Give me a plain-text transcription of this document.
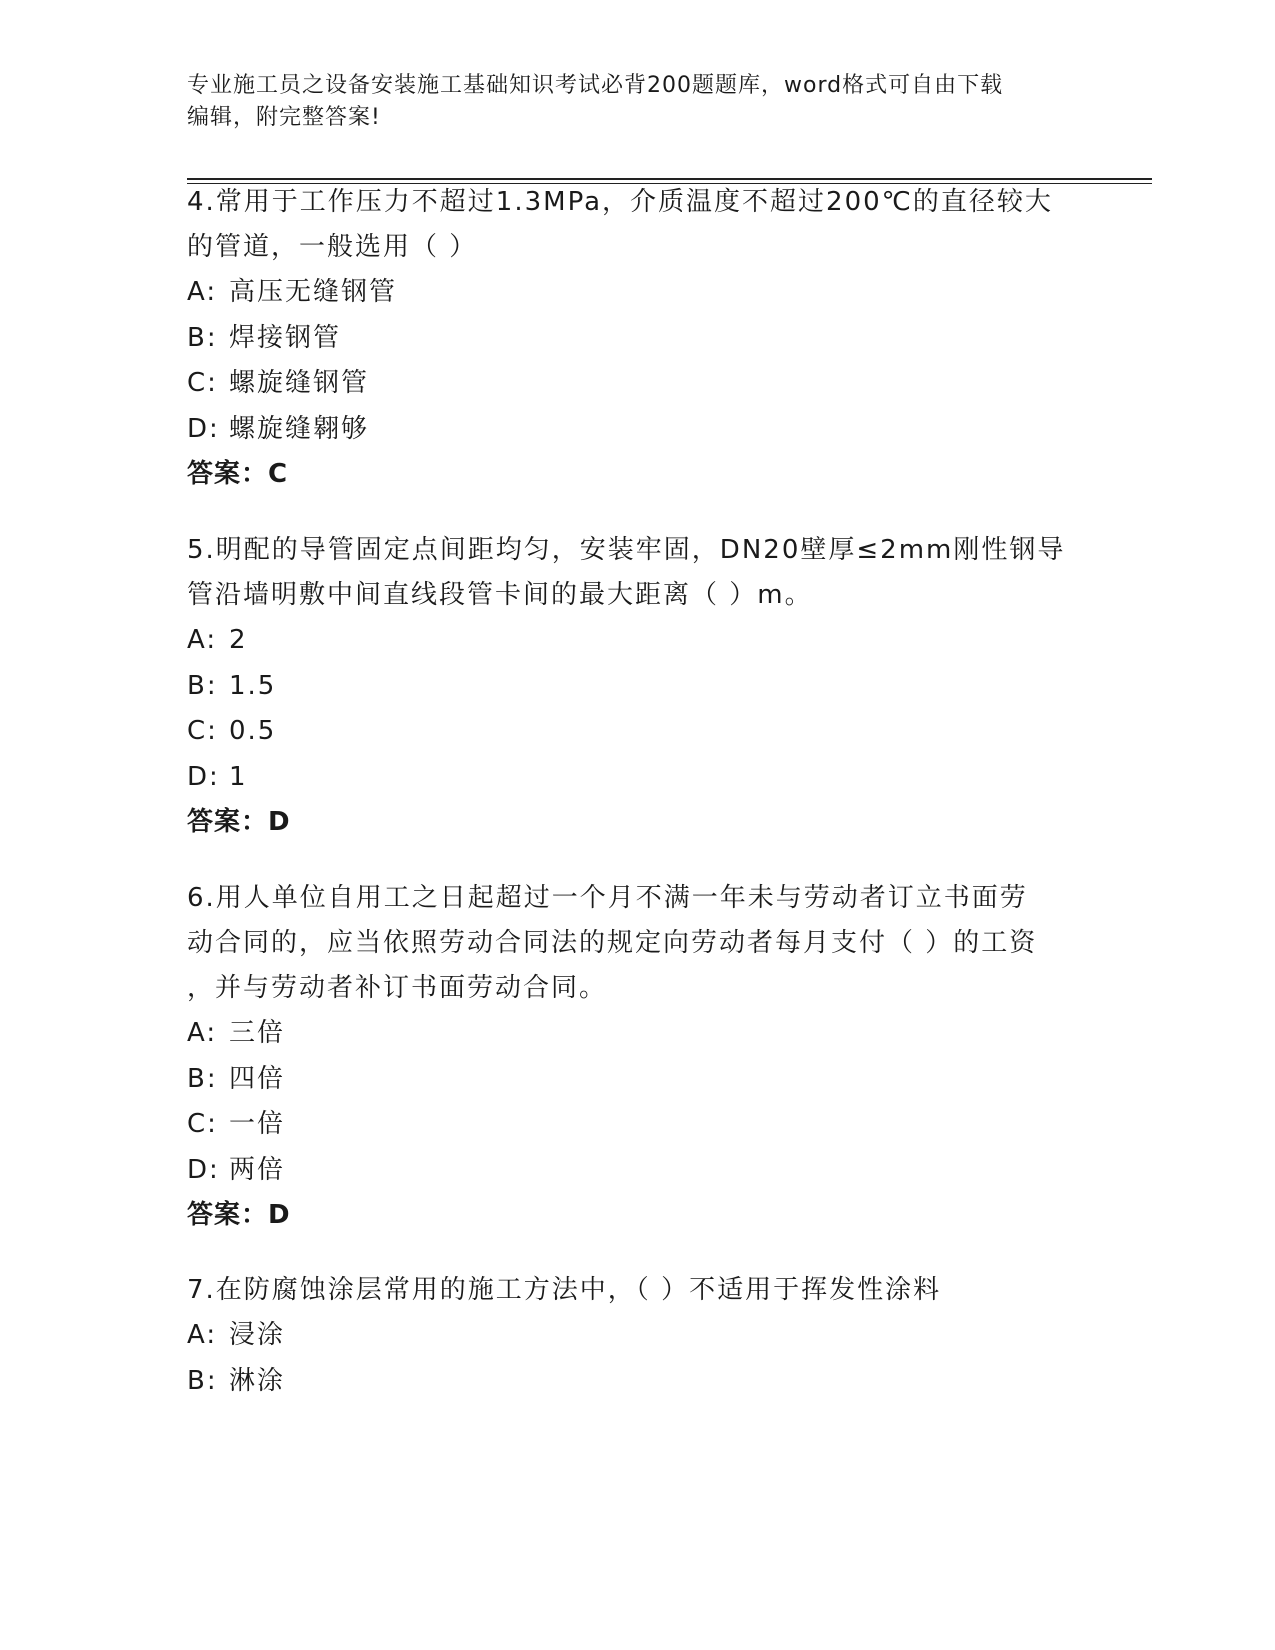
专业施工员之设备安装施工基础知识考试必背200题题库，word格式可自由下载
编辑，附完整答案!

4.常用于工作压力不超过1.3MPa，介质温度不超过200℃的直径较大

的管道，一般选用（ ）

A: 高压无缝钢管

B: 焊接钢管

C: 螺旋缝钢管

D: 螺旋缝翱够

答案：C

5.明配的导管固定点间距均匀，安装牢固，DN20壁厚≤2mm刚性钢导

管沿墙明敷中间直线段管卡间的最大距离（ ）m。

A: 2

B: 1.5

C: 0.5

D: 1

答案：D

6.用人单位自用工之日起超过一个月不满一年未与劳动者订立书面劳

动合同的，应当依照劳动合同法的规定向劳动者每月支付（ ）的工资

，并与劳动者补订书面劳动合同。

A: 三倍

B: 四倍

C: 一倍

D: 两倍

答案：D

7.在防腐蚀涂层常用的施工方法中，（ ）不适用于挥发性涂料

A: 浸涂

B: 淋涂
